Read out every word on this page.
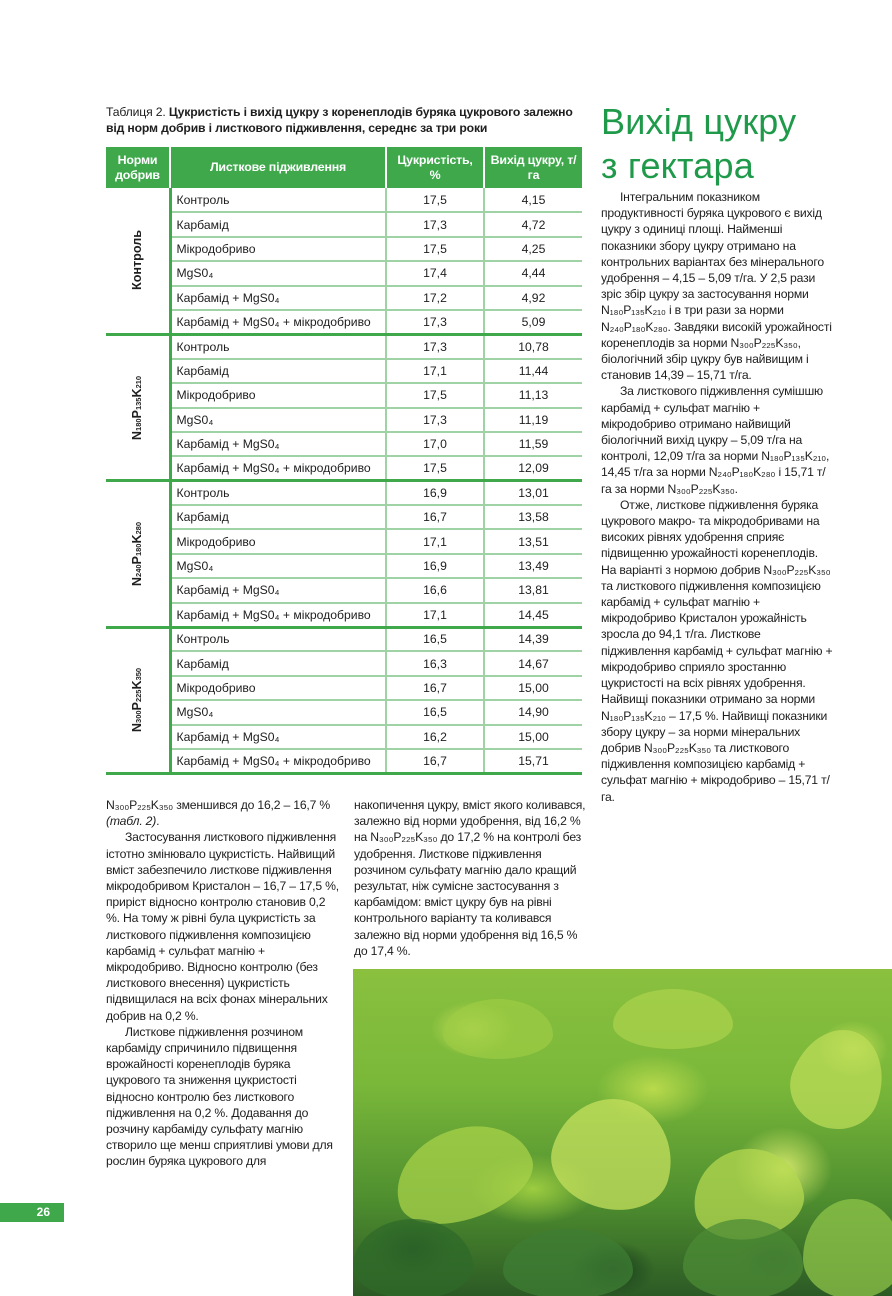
Таблиця 2. Цукристість і вихід цукру з коренеплодів буряка цукрового залежно від норм добрив і листкового підживлення, середнє за три роки
Норми добрив	Листкове підживлення	Цукристість, %	Вихід цукру, т/га

Контроль	Контроль	17,5	4,15
	Карбамід	17,3	4,72
	Мікродобриво	17,5	4,25
	MgS0₄	17,4	4,44
	Карбамід + MgS0₄	17,2	4,92
	Карбамід + MgS0₄ + мікродобриво	17,3	5,09

N180P135K210	Контроль	17,3	10,78
	Карбамід	17,1	11,44
	Мікродобриво	17,5	11,13
	MgS0₄	17,3	11,19
	Карбамід + MgS0₄	17,0	11,59
	Карбамід + MgS0₄ + мікродобриво	17,5	12,09

N240P180K280	Контроль	16,9	13,01
	Карбамід	16,7	13,58
	Мікродобриво	17,1	13,51
	MgS0₄	16,9	13,49
	Карбамід + MgS0₄	16,6	13,81
	Карбамід + MgS0₄ + мікродобриво	17,1	14,45

N300P225K350	Контроль	16,5	14,39
	Карбамід	16,3	14,67
	Мікродобриво	16,7	15,00
	MgS0₄	16,5	14,90
	Карбамід + MgS0₄	16,2	15,00
	Карбамід + MgS0₄ + мікродобриво	16,7	15,71
Вихід цукру
з гектара

Інтегральним показником продуктивності буряка цукрового є вихід цукру з одиниці площі. Найменші показники збору цукру отримано на контрольних варіантах без мінерального удобрення – 4,15 – 5,09 т/га. У 2,5 рази зріс збір цукру за застосування норми N₁₈₀P₁₃₅K₂₁₀ і в три рази за норми N₂₄₀P₁₈₀K₂₈₀. Завдяки високій урожайності коренеплодів за норми N₃₀₀P₂₂₅K₃₅₀, біологічний збір цукру був найвищим і становив 14,39 – 15,71 т/га.

За листкового підживлення сумішшю карбамід + сульфат магнію + мікродобриво отримано найвищий біологічний вихід цукру – 5,09 т/га на контролі, 12,09 т/га за норми N₁₈₀P₁₃₅K₂₁₀, 14,45 т/га за норми N₂₄₀P₁₈₀K₂₈₀ і 15,71 т/га за норми N₃₀₀P₂₂₅K₃₅₀.

Отже, листкове підживлення буряка цукрового макро- та мікродобривами на високих рівнях удобрення сприяє підвищенню урожайності коренеплодів. На варіанті з нормою добрив N₃₀₀P₂₂₅K₃₅₀ та листкового підживлення композицією карбамід + сульфат магнію + мікродобриво Кристалон урожайність зросла до 94,1 т/га. Листкове підживлення карбамід + сульфат магнію + мікродобриво сприяло зростанню цукристості на всіх рівнях удобрення. Найвищі показники отримано за норми N₁₈₀P₁₃₅K₂₁₀ – 17,5 %. Найвищі показники збору цукру – за норми мінеральних добрив N₃₀₀P₂₂₅K₃₅₀ та листкового підживлення композицією карбамід + сульфат магнію + мікродобриво – 15,71 т/га.

N₃₀₀P₂₂₅K₃₅₀ зменшився до 16,2 – 16,7 % (табл. 2).

Застосування листкового підживлення істотно змінювало цукристість. Найвищий вміст забезпечило листкове підживлення мікродобривом Кристалон – 16,7 – 17,5 %, приріст відносно контролю становив 0,2 %. На тому ж рівні була цукристість за листкового підживлення композицією карбамід + сульфат магнію + мікродобриво. Відносно контролю (без листкового внесення) цукристість підвищилася на всіх фонах мінеральних добрив на 0,2 %.

Листкове підживлення розчином карбаміду спричинило підвищення врожайності коренеплодів буряка цукрового та зниження цукристості відносно контролю без листкового підживлення на 0,2 %. Додавання до розчину карбаміду сульфату магнію створило ще менш сприятливі умови для рослин буряка цукрового для

накопичення цукру, вміст якого коливався, залежно від норми удобрення, від 16,2 % на N₃₀₀P₂₂₅K₃₅₀ до 17,2 % на контролі без удобрення. Листкове підживлення розчином сульфату магнію дало кращий результат, ніж сумісне застосування з карбамідом: вміст цукру був на рівні контрольного варіанту та коливався залежно від норми удобрення від 16,5 % до 17,4 %.

26
